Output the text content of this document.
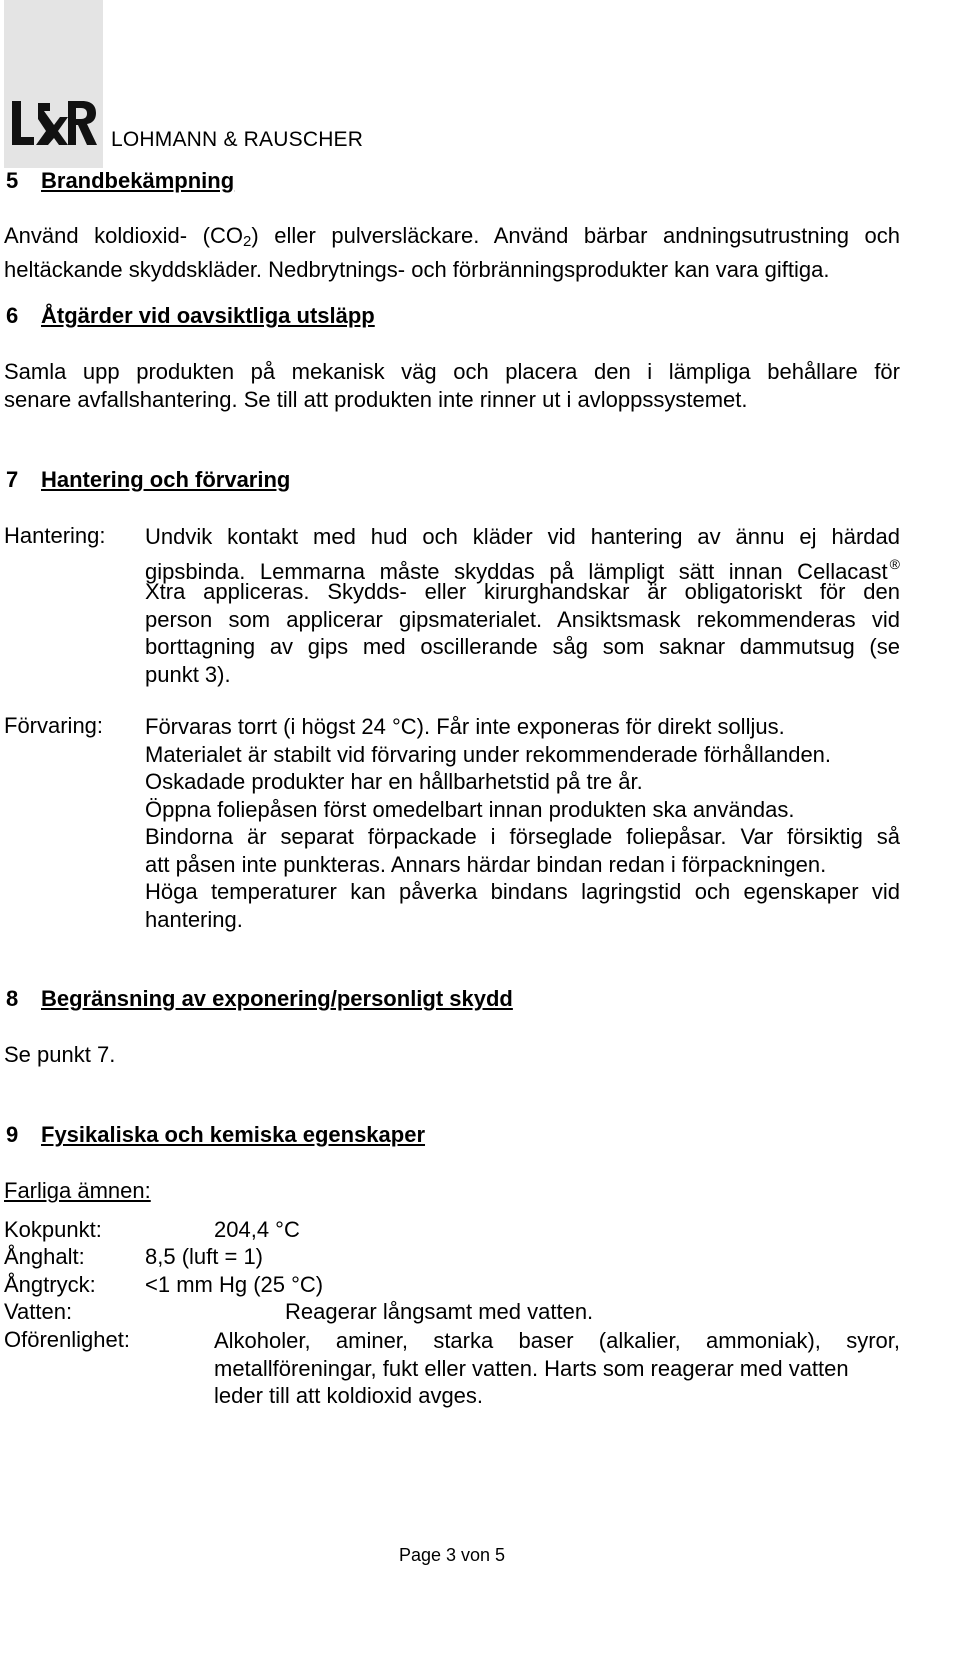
LOHMANN & RAUSCHER
5 Brandbekämpning
Använd koldioxid- $(CO_2)$ eller pulversläckare. Använd bärbar andningsutrustning och
heltäckande skyddskläder. Nedbrytnings- och förbränningsprodukter kan vara giftiga.
6 Åtgärder vid oavsiktliga utsläpp
Samla upp produkten på mekanisk väg och placera den i lämpliga behållare för
senare avfallshantering. Se till att produkten inte rinner ut i avloppssystemet.
7 Hantering och förvaring
Hantering: Undvik kontakt med hud och kläder vid hantering av ännu ej härdad
gipsbinda. Lemmarna måste skyddas på lämpligt sätt innan Cellacast ®
Xtra appliceras. Skydds- eller kirurghandskar är obligatoriskt för den
person som applicerar gipsmaterialet. Ansiktsmask rekommenderas vid
borttagning av gips med oscillerande såg som saknar dammutsug (se
punkt 3).
Förvaring: Förvaras torrt (i högst 24 °C). Får inte exponeras för direkt solljus.
Materialet är stabilt vid förvaring under rekommenderade förhållanden.
Oskadade produkter har en hållbarhetstid på tre år.
Öppna foliepåsen först omedelbart innan produkten ska användas.
Bindorna är separat förpackade i förseglade foliepåsar. Var försiktig så
att påsen inte punkteras. Annars härdar bindan redan i förpackningen.
Höga temperaturer kan påverka bindans lagringstid och egenskaper vid
hantering.
8 Begränsning av exponering/personligt skydd
Se punkt 7.
9 Fysikaliska och kemiska egenskaper
Farliga ämnen:
Kokpunkt:	204,4 °C
Ånghalt:	8,5 (luft = 1)
Ångtryck: <1 mm Hg (25 °C)
Vatten:	Reagerar långsamt med vatten.
Oförenlighet:	Alkoholer, aminer, starka baser (alkalier, ammoniak), syror,
metallföreningar, fukt eller vatten. Harts som reagerar med vatten
leder till att koldioxid avges.
Page 3 von 5
